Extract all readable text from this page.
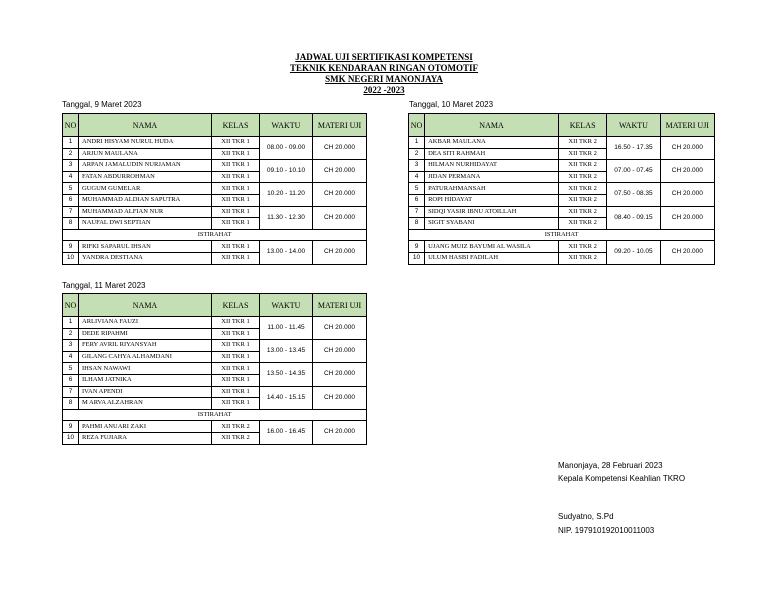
JADWAL UJI SERTIFIKASI KOMPETENSI
TEKNIK KENDARAAN RINGAN OTOMOTIF
SMK NEGERI MANONJAYA
2022 -2023
Tanggal, 9 Maret 2023	Tanggal, 10 Maret 2023
Tanggal, 11 Maret 2023
NO	NAMA	KELAS	WAKTU	MATERI UJI
1	ANDRI HISYAM NURUL HUDA	XII TKR 1	08.00 - 09.00	CH 20.000
2	ARJUN MAULANA	XII TKR 1		
3	ARPAN JAMALUDIN NURJAMAN	XII TKR 1	09.10 - 10.10	CH 20.000
4	FATAN ABDURROHMAN	XII TKR 1		
5	GUGUM GUMELAR	XII TKR 1	10.20 - 11.20	CH 20.000
6	MUHAMMAD ALDIAN SAPUTRA	XII TKR 1		
7	MUHAMMAD ALFIAN NUR	XII TKR 1	11.30 - 12.30	CH 20.000
8	NAUFAL DWI SEPTIAN	XII TKR 1		
ISTIRAHAT				
9	RIFKI SAPARUL IHSAN	XII TKR 1	13.00 - 14.00	CH 20.000
10	YANDRA DESTIANA	XII TKR 1		
NO	NAMA	KELAS	WAKTU	MATERI UJI
1	AKBAR MAULANA	XII TKR 2	16.50 - 17.35	CH 20.000
2	DEA SITI RAHMAH	XII TKR 2		
3	HILMAN NURHIDAYAT	XII TKR 2	07.00 - 07.45	CH 20.000
4	JIDAN PERMANA	XII TKR 2		
5	PATURAHMANSAH	XII TKR 2	07.50 - 08.35	CH 20.000
6	ROPI HIDAYAT	XII TKR 2		
7	SIDQI YASIR IBNU ATOILLAH	XII TKR 2	08.40 - 09.15	CH 20.000
8	SIGIT SYABANI	XII TKR 2		
ISTIRAHAT				
9	UJANG MUIZ BAYUMI AL WASILA	XII TKR 2	09.20 - 10.05	CH 20.000
10	ULUM HASBI FADILAH	XII TKR 2		
NO	NAMA	KELAS	WAKTU	MATERI UJI
1	ARLIVIANA FAUZI	XII TKR 1	11.00 - 11.45	CH 20.000
2	DEDE RIPAHMI	XII TKR 1		
3	FERY AVRIL RIYANSYAH	XII TKR 1	13.00 - 13.45	CH 20.000
4	GILANG CAHYA ALHAMDANI	XII TKR 1		
5	IHSAN NAWAWI	XII TKR 1	13.50 - 14.35	CH 20.000
6	ILHAM JATNIKA	XII TKR 1		
7	IVAN APENDI	XII TKR 1	14.40 - 15.15	CH 20.000
8	M ARVA ALZAHRAN	XII TKR 1		
ISTIRAHAT				
9	PAHMI ANUARI ZAKI	XII TKR 2	16.00 - 16.45	CH 20.000
10	REZA FUJIARA	XII TKR 2		
Manonjaya, 28 Februari 2023
Kepala Kompetensi Keahlian TKRO
Sudyatno, S.Pd
NIP. 197910192010011003
